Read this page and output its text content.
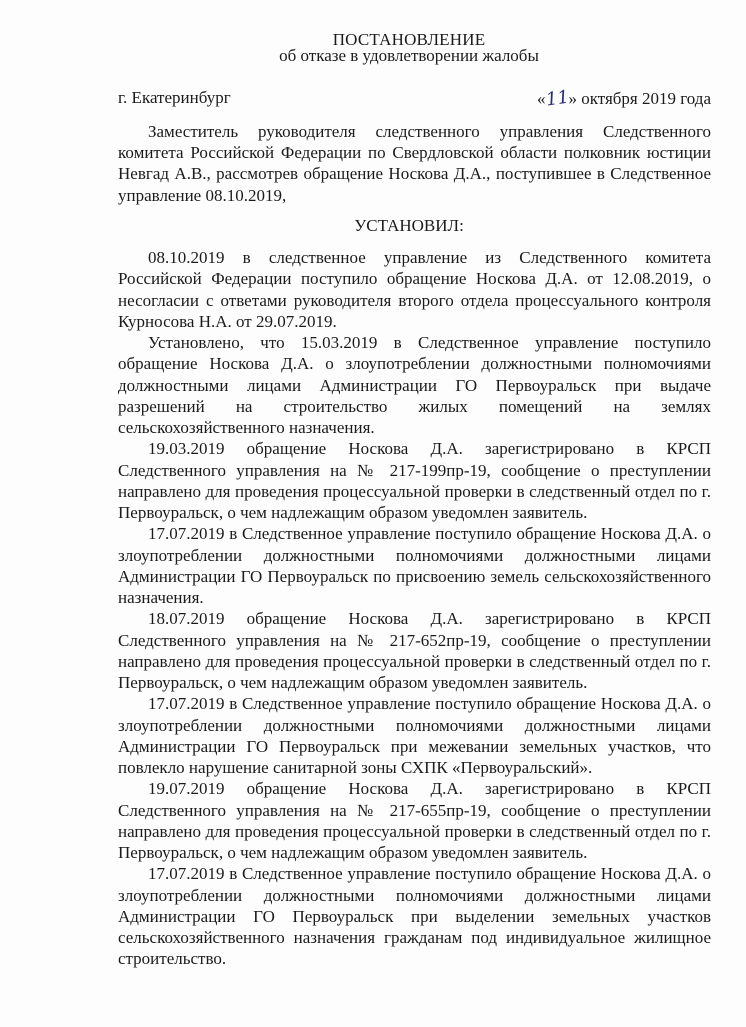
ПОСТАНОВЛЕНИЕ
об отказе в удовлетворении жалобы
г. Екатеринбург	«11» октября 2019 года
Заместитель руководителя следственного управления Следственного комитета Российской Федерации по Свердловской области полковник юстиции Невгад А.В., рассмотрев обращение Носкова Д.А., поступившее в Следственное управление 08.10.2019,
УСТАНОВИЛ:

08.10.2019 в следственное управление из Следственного комитета Российской Федерации поступило обращение Носкова Д.А. от 12.08.2019, о несогласии с ответами руководителя второго отдела процессуального контроля Курносова Н.А. от 29.07.2019.

Установлено, что 15.03.2019 в Следственное управление поступило обращение Носкова Д.А. о злоупотреблении должностными полномочиями должностными лицами Администрации ГО Первоуральск при выдаче разрешений на строительство жилых помещений на землях сельскохозяйственного назначения.

19.03.2019 обращение Носкова Д.А. зарегистрировано в КРСП Следственного управления на № 217-199пр-19, сообщение о преступлении направлено для проведения процессуальной проверки в следственный отдел по г. Первоуральск, о чем надлежащим образом уведомлен заявитель.

17.07.2019 в Следственное управление поступило обращение Носкова Д.А. о злоупотреблении должностными полномочиями должностными лицами Администрации ГО Первоуральск по присвоению земель сельскохозяйственного назначения.

18.07.2019 обращение Носкова Д.А. зарегистрировано в КРСП Следственного управления на № 217-652пр-19, сообщение о преступлении направлено для проведения процессуальной проверки в следственный отдел по г. Первоуральск, о чем надлежащим образом уведомлен заявитель.

17.07.2019 в Следственное управление поступило обращение Носкова Д.А. о злоупотреблении должностными полномочиями должностными лицами Администрации ГО Первоуральск при межевании земельных участков, что повлекло нарушение санитарной зоны СХПК «Первоуральский».

19.07.2019 обращение Носкова Д.А. зарегистрировано в КРСП Следственного управления на № 217-655пр-19, сообщение о преступлении направлено для проведения процессуальной проверки в следственный отдел по г. Первоуральск, о чем надлежащим образом уведомлен заявитель.

17.07.2019 в Следственное управление поступило обращение Носкова Д.А. о злоупотреблении должностными полномочиями должностными лицами Администрации ГО Первоуральск при выделении земельных участков сельскохозяйственного назначения гражданам под индивидуальное жилищное строительство.
